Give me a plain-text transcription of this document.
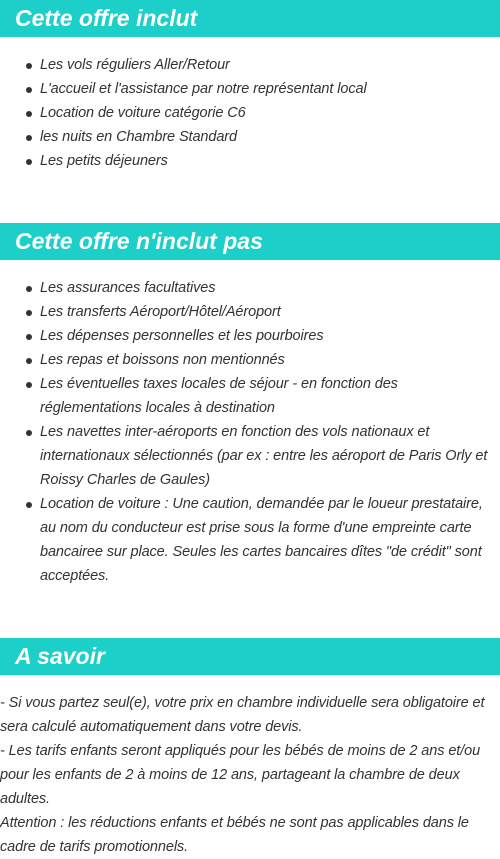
Cette offre inclut
Les vols réguliers Aller/Retour
L'accueil et l'assistance par notre représentant local
Location de voiture catégorie C6
les nuits en Chambre Standard
Les petits déjeuners
Cette offre n'inclut pas
Les assurances facultatives
Les transferts Aéroport/Hôtel/Aéroport
Les dépenses personnelles et les pourboires
Les repas et boissons non mentionnés
Les éventuelles taxes locales de séjour - en fonction des réglementations locales à destination
Les navettes inter-aéroports en fonction des vols nationaux et internationaux sélectionnés (par ex : entre les aéroport de Paris Orly et Roissy Charles de Gaules)
Location de voiture : Une caution, demandée par le loueur prestataire, au nom du conducteur est prise sous la forme d'une empreinte carte bancairee sur place. Seules les cartes bancaires dîtes "de crédit" sont acceptées.
A savoir

- Si vous partez seul(e), votre prix en chambre individuelle sera obligatoire et sera calculé automatiquement dans votre devis.

- Les tarifs enfants seront appliqués pour les bébés de moins de 2 ans et/ou pour les enfants de 2 à moins de 12 ans, partageant la chambre de deux adultes.

Attention : les réductions enfants et bébés ne sont pas applicables dans le cadre de tarifs promotionnels.
